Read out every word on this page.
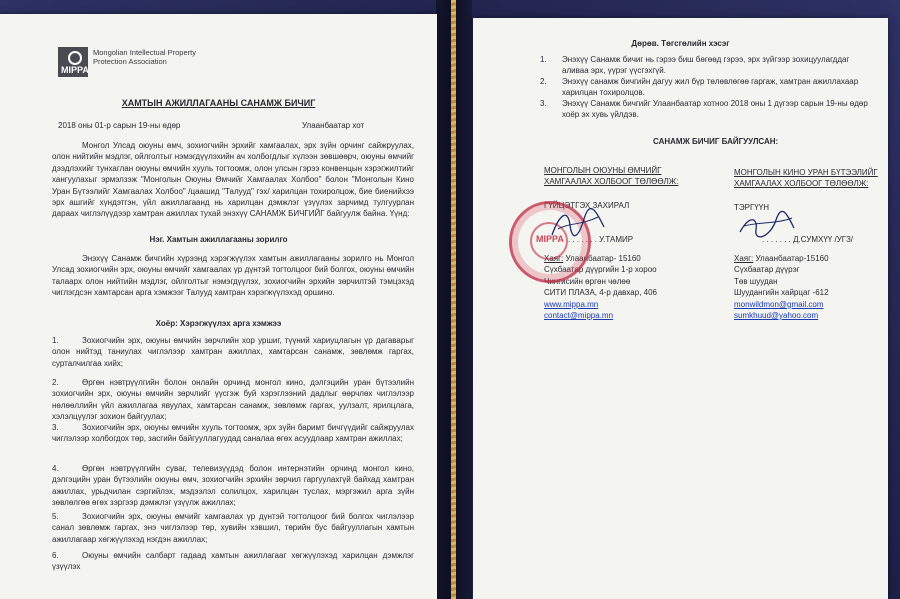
MIPPA
Mongolian Intellectual Property Protection Association

ХАМТЫН АЖИЛЛАГААНЫ САНАМЖ БИЧИГ

2018 оны 01-р сарын 19-ны өдөр	Улаанбаатар хот

Монгол Улсад оюуны өмч, зохиогчийн эрхийг хамгаалах, эрх зүйн орчинг сайжруулах, олон нийтийн мэдлэг, ойлголтыг нэмэгдүүлэхийн ач холбогдлыг хүлээн зөвшөөрч, оюуны өмчийг дээдлэхийг тунхаглан оюуны өмчийн хууль тогтоомж, олон улсын гэрээ конвенцын хэрэгжилтийг хангуулахыг эрмэлзэж "Монголын Оюуны Өмчийг Хамгаалах Холбоо" болон "Монголын Кино Уран Бүтээлийг Хамгаалах Холбоо" /цаашид "Талууд" гэх/ харилцан тохиролцож, бие биенийхээ эрх ашгийг хүндэтгэн, үйл ажиллагаанд нь харилцан дэмжлэг үзүүлэх зарчимд тулгуурлан дараах чиглэлүүдээр хамтран ажиллах тухай энэхүү САНАМЖ БИЧГИЙГ байгуулж байна. Үүнд:

Нэг. Хамтын ажиллагааны зорилго

Энэхүү Санамж бичгийн хүрээнд хэрэгжүүлэх хамтын ажиллагааны зорилго нь Монгол Улсад зохиогчийн эрх, оюуны өмчийг хамгаалах үр дүнтэй тогтолцоог бий болгох, оюуны өмчийн талаарх олон нийтийн мэдлэг, ойлголтыг нэмэгдүүлэх, зохиогчийн эрхийн зөрчилтэй тэмцэхэд чиглэгдсэн хамтарсан арга хэмжээг Талууд хамтран хэрэгжүүлэхэд оршино.

Хоёр: Хэрэгжүүлэх арга хэмжээ

1.	Зохиогчийн эрх, оюуны өмчийн зөрчлийн хор уршиг, түүний хариуцлагын үр дагаварыг олон нийтэд таниулах чиглэлээр хамтран ажиллах, хамтарсан санамж, зөвлөмж гаргах, сурталчилгаа хийх;

2.	Өргөн нэвтрүүлгийн болон онлайн орчинд монгол кино, дэлгэцийн уран бүтээлийн зохиогчийн эрх, оюуны өмчийн зөрчлийг үүсгэж буй хэрэглээний дадлыг өөрчлөх чиглэлээр нөлөөллийн үйл ажиллагаа явуулах, хамтарсан санамж, зөвлөмж гаргах, уулзалт, ярилцлага, хэлэлцүүлэг зохион байгуулах;

3.	Зохиогчийн эрх, оюуны өмчийн хууль тогтоомж, эрх зүйн баримт бичгүүдийг сайжруулах чиглэлээр холбогдох төр, засгийн байгууллагуудад саналаа өгөх асуудлаар хамтран ажиллах;

4.	Өргөн нэвтрүүлгийн суваг, телевизүүдэд болон интернэтийн орчинд монгол кино, дэлгэцийн уран бүтээлийн оюуны өмч, зохиогчийн эрхийн зөрчил гаргуулахгүй байхад хамтран ажиллах, урьдчилан сэргийлэх, мэдээлэл солилцох, харилцан туслах, мэргэжил арга зүйн зөвлөлгөө өгөх зэргээр дэмжлэг үзүүлж ажиллах;

5.	Зохиогчийн эрх, оюуны өмчийг хамгаалах үр дүнтэй тогтолцоог бий болгох чиглэлээр санал зөвлөмж гаргах, энэ чиглэлээр төр, хувийн хэвшил, төрийн бус байгууллагын хамтын ажиллагаар хөгжүүлэхэд нэгдэн ажиллах;

6.	Оюуны өмчийн салбарт гадаад хамтын ажиллагааг хөгжүүлэхэд харилцан дэмжлэг үзүүлэх

Дөрөв. Төгсгөлийн хэсэг

1. Энэхүү Санамж бичиг нь гэрээ биш бөгөөд гэрээ, эрх зүйгээр зохицуулагддаг аливаа эрх, үүрэг үүсгэхгүй.

2. Энэхүү санамж бичгийн дагуу жил бүр төлөвлөгөө гаргаж, хамтран ажиллахаар харилцан тохиролцов.

3. Энэхүү Санамж бичгийг Улаанбаатар хотноо 2018 оны 1 дүгээр сарын 19-ны өдөр хоёр эх хувь үйлдэв.

САНАМЖ БИЧИГ БАЙГУУЛСАН:

МОНГОЛЫН ОЮУНЫ ӨМЧИЙГ ХАМГААЛАХ ХОЛБООГ ТӨЛӨӨЛЖ:

ГҮЙЦЭТГЭХ ЗАХИРАЛ

. . . . . . . У.ТАМИР

Хаяг: Улаанбаатар- 15160
Сүхбаатар дүүргийн 1-р хороо
Чингисийн өргөн чөлөө
СИТИ ПЛАЗА, 4-р давхар, 406
www.mippa.mn
contact@mippa.mn

MIPPA

МОНГОЛЫН КИНО УРАН БҮТЭЭЛИЙГ ХАМГААЛАХ ХОЛБООГ ТӨЛӨӨЛЖ:

ТЭРГҮҮН

. . . . . . . Д.СУМХҮҮ /УГЗ/

Хаяг: Улаанбаатар-15160
Сүхбаатар дүүрэг
Төв шуудан
Шуудангийн хайрцаг -612
monwildmon@gmail.com
sumkhuud@yahoo.com
